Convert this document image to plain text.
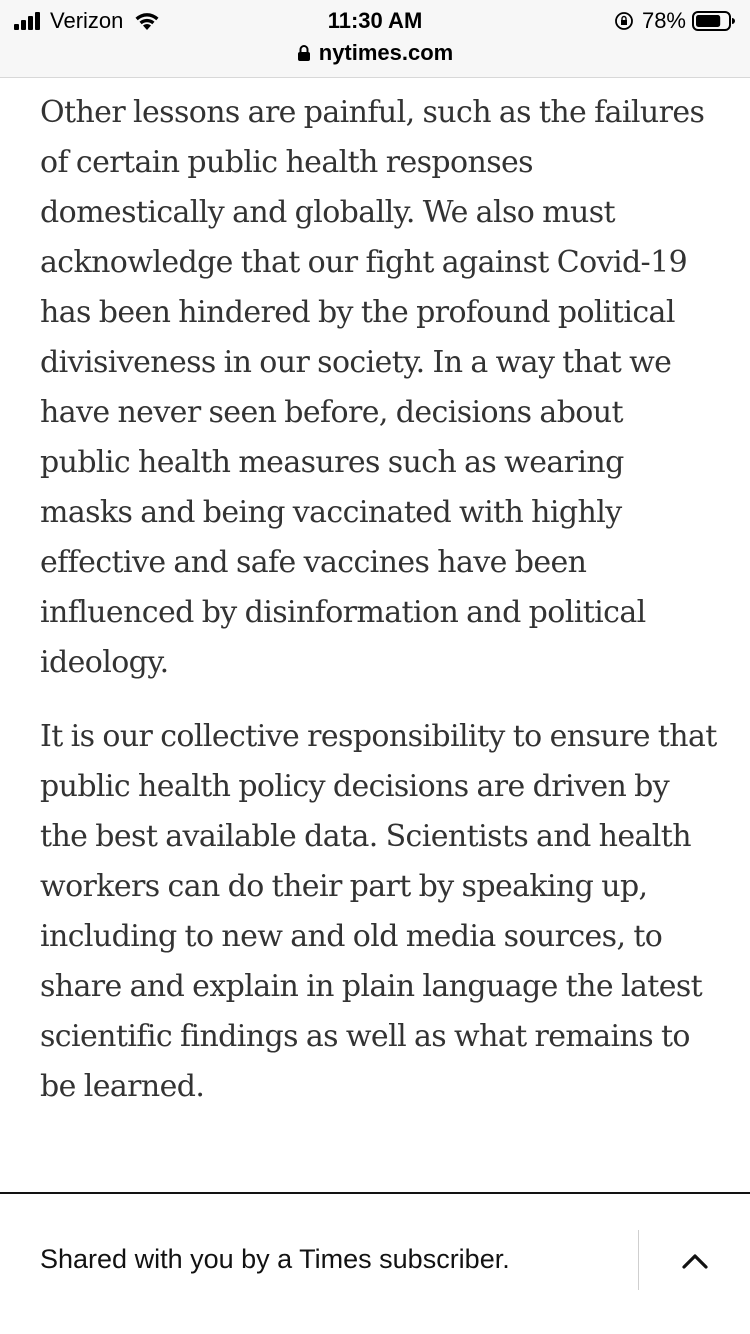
Verizon	11:30 AM	78%
nytimes.com

Other lessons are painful, such as the failures of certain public health responses domestically and globally. We also must acknowledge that our fight against Covid-19 has been hindered by the profound political divisiveness in our society. In a way that we have never seen before, decisions about public health measures such as wearing masks and being vaccinated with highly effective and safe vaccines have been influenced by disinformation and political ideology.

It is our collective responsibility to ensure that public health policy decisions are driven by the best available data. Scientists and health workers can do their part by speaking up, including to new and old media sources, to share and explain in plain language the latest scientific findings as well as what remains to be learned.

Shared with you by a Times subscriber.
